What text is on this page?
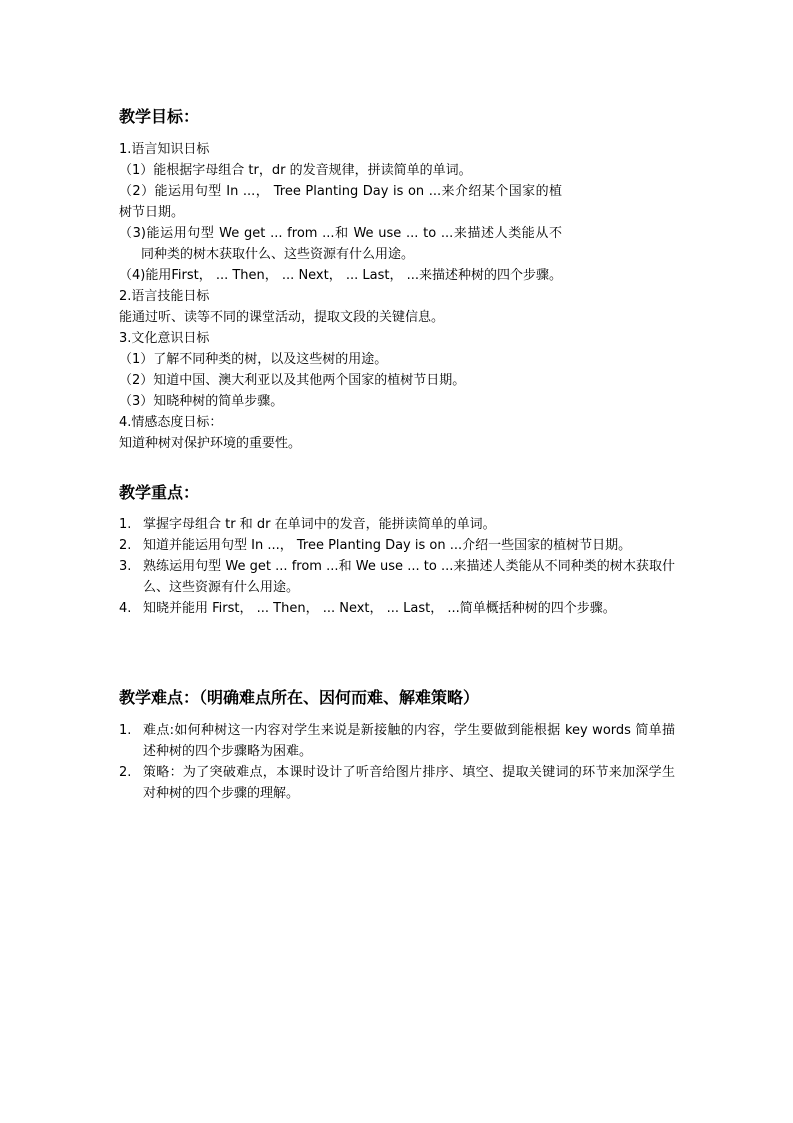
教学目标：
1.语言知识日标
（1）能根据字母组合 tr，dr 的发音规律，拼读简单的单词。
（2）能运用句型 In ...， Tree Planting Day is on ...来介绍某个国家的植
树节日期。
（3)能运用句型 We get ... from ...和 We use ... to ...来描述人类能从不
同种类的树木获取什么、这些资源有什么用途。
（4)能用First， ... Then， ... Next， ... Last， ...来描述种树的四个步骤。
2.语言技能日标
能通过听、读等不同的课堂活动，提取文段的关键信息。
3.文化意识日标
（1）了解不同种类的树，以及这些树的用途。
（2）知道中国、澳大利亚以及其他两个国家的植树节日期。
（3）知晓种树的简单步骤。
4.情感态度日标：
知道种树对保护环境的重要性。
教学重点：
1. 掌握字母组合 tr 和 dr 在单词中的发音，能拼读简单的单词。
2. 知道并能运用句型 In ...， Tree Planting Day is on ...介绍一些国家的植树节日期。
3. 熟练运用句型 We get ... from ...和 We use ... to ...来描述人类能从不同种类的树木获取什么、这些资源有什么用途。
4. 知晓并能用 First， ... Then， ... Next， ... Last， ...简单概括种树的四个步骤。
教学难点：（明确难点所在、因何而难、解难策略）
1. 难点:如何种树这一内容对学生来说是新接触的内容，学生要做到能根据 key words 简单描述种树的四个步骤略为困难。
2. 策略：为了突破难点，本课时设计了听音给图片排序、填空、提取关键词的环节来加深学生对种树的四个步骤的理解。
